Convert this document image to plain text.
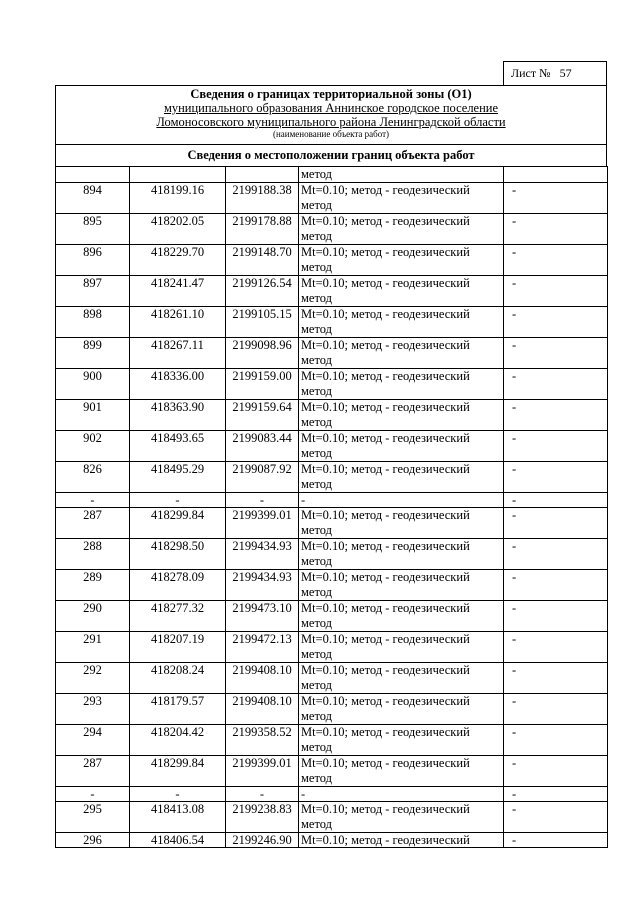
Лист № 57
Сведения о границах территориальной зоны (О1)
муниципального образования Аннинское городское поселение
Ломоносовского муниципального района Ленинградской области
(наименование объекта работ)
Сведения о местоположении границ объекта работ
			метод	
894	418199.16	2199188.38	Mt=0.10; метод - геодезический
метод	-
895	418202.05	2199178.88	Mt=0.10; метод - геодезический
метод	-
896	418229.70	2199148.70	Mt=0.10; метод - геодезический
метод	-
897	418241.47	2199126.54	Mt=0.10; метод - геодезический
метод	-
898	418261.10	2199105.15	Mt=0.10; метод - геодезический
метод	-
899	418267.11	2199098.96	Mt=0.10; метод - геодезический
метод	-
900	418336.00	2199159.00	Mt=0.10; метод - геодезический
метод	-
901	418363.90	2199159.64	Mt=0.10; метод - геодезический
метод	-
902	418493.65	2199083.44	Mt=0.10; метод - геодезический
метод	-
826	418495.29	2199087.92	Mt=0.10; метод - геодезический
метод	-
-	-	-	-	-
287	418299.84	2199399.01	Mt=0.10; метод - геодезический
метод	-
288	418298.50	2199434.93	Mt=0.10; метод - геодезический
метод	-
289	418278.09	2199434.93	Mt=0.10; метод - геодезический
метод	-
290	418277.32	2199473.10	Mt=0.10; метод - геодезический
метод	-
291	418207.19	2199472.13	Mt=0.10; метод - геодезический
метод	-
292	418208.24	2199408.10	Mt=0.10; метод - геодезический
метод	-
293	418179.57	2199408.10	Mt=0.10; метод - геодезический
метод	-
294	418204.42	2199358.52	Mt=0.10; метод - геодезический
метод	-
287	418299.84	2199399.01	Mt=0.10; метод - геодезический
метод	-
-	-	-	-	-
295	418413.08	2199238.83	Mt=0.10; метод - геодезический
метод	-
296	418406.54	2199246.90	Mt=0.10; метод - геодезический	-
